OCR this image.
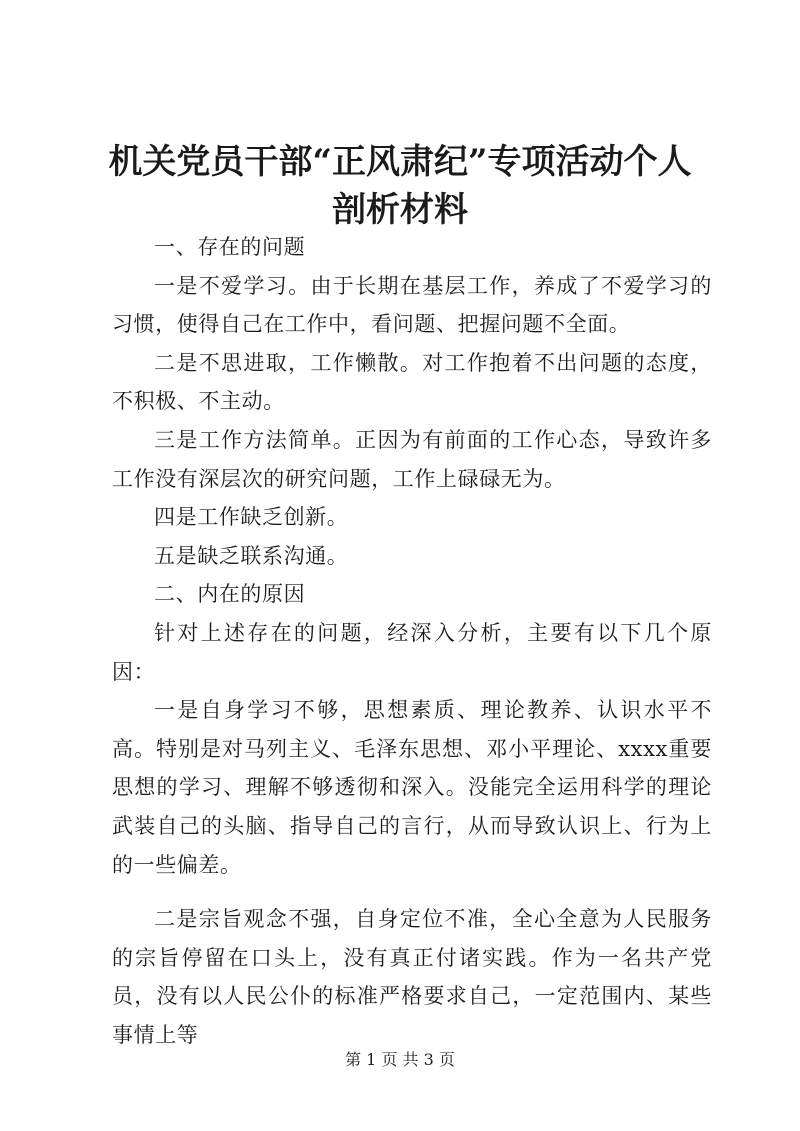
机关党员干部“正风肃纪”专项活动个人剖析材料

一、存在的问题

一是不爱学习。由于长期在基层工作，养成了不爱学习的习惯，使得自己在工作中，看问题、把握问题不全面。

二是不思进取，工作懒散。对工作抱着不出问题的态度，不积极、不主动。

三是工作方法简单。正因为有前面的工作心态，导致许多工作没有深层次的研究问题，工作上碌碌无为。

四是工作缺乏创新。

五是缺乏联系沟通。

二、内在的原因

针对上述存在的问题，经深入分析，主要有以下几个原因：

一是自身学习不够，思想素质、理论教养、认识水平不高。特别是对马列主义、毛泽东思想、邓小平理论、xxxx重要思想的学习、理解不够透彻和深入。没能完全运用科学的理论武装自己的头脑、指导自己的言行，从而导致认识上、行为上的一些偏差。

二是宗旨观念不强，自身定位不准，全心全意为人民服务的宗旨停留在口头上，没有真正付诸实践。作为一名共产党员，没有以人民公仆的标准严格要求自己，一定范围内、某些事情上等

第 1 页 共 3 页
